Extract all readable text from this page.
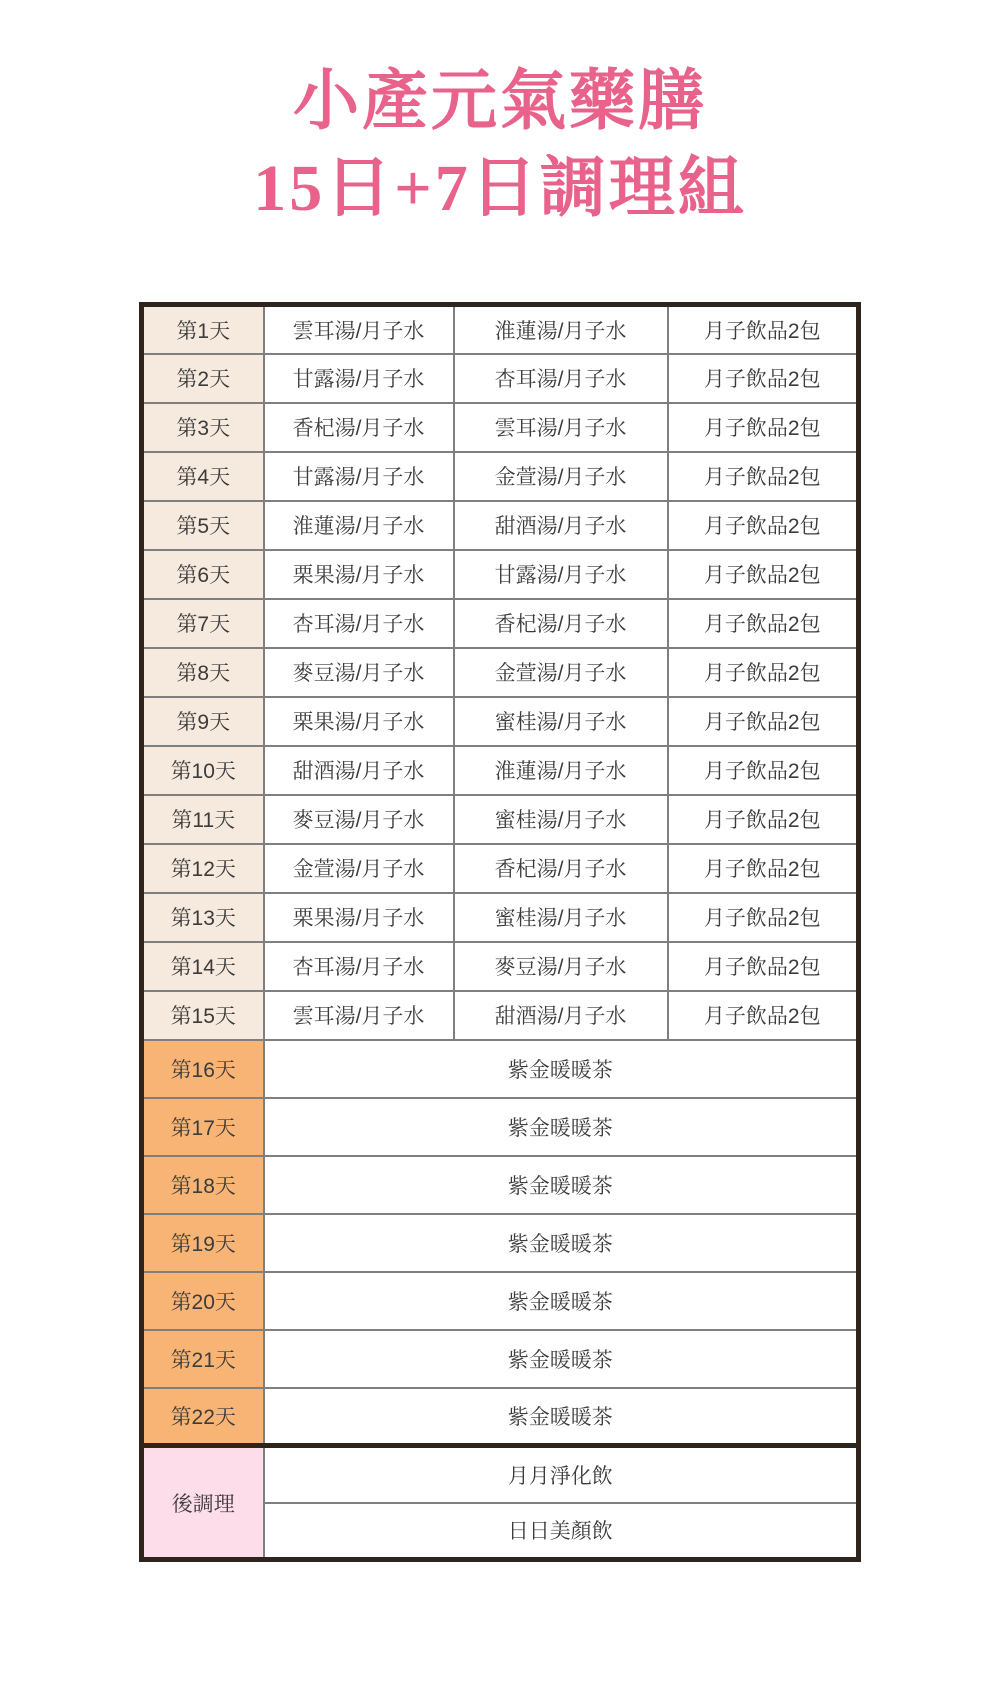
小產元氣藥膳
15日+7日調理組
第1天	雲耳湯/月子水	淮蓮湯/月子水	月子飲品2包
第2天	甘露湯/月子水	杏耳湯/月子水	月子飲品2包
第3天	香杞湯/月子水	雲耳湯/月子水	月子飲品2包
第4天	甘露湯/月子水	金萱湯/月子水	月子飲品2包
第5天	淮蓮湯/月子水	甜酒湯/月子水	月子飲品2包
第6天	栗果湯/月子水	甘露湯/月子水	月子飲品2包
第7天	杏耳湯/月子水	香杞湯/月子水	月子飲品2包
第8天	麥豆湯/月子水	金萱湯/月子水	月子飲品2包
第9天	栗果湯/月子水	蜜桂湯/月子水	月子飲品2包
第10天	甜酒湯/月子水	淮蓮湯/月子水	月子飲品2包
第11天	麥豆湯/月子水	蜜桂湯/月子水	月子飲品2包
第12天	金萱湯/月子水	香杞湯/月子水	月子飲品2包
第13天	栗果湯/月子水	蜜桂湯/月子水	月子飲品2包
第14天	杏耳湯/月子水	麥豆湯/月子水	月子飲品2包
第15天	雲耳湯/月子水	甜酒湯/月子水	月子飲品2包
第16天	紫金暖暖茶		
第17天	紫金暖暖茶		
第18天	紫金暖暖茶		
第19天	紫金暖暖茶		
第20天	紫金暖暖茶		
第21天	紫金暖暖茶		
第22天	紫金暖暖茶		
後調理	月月淨化飲		
	日日美顏飲		
